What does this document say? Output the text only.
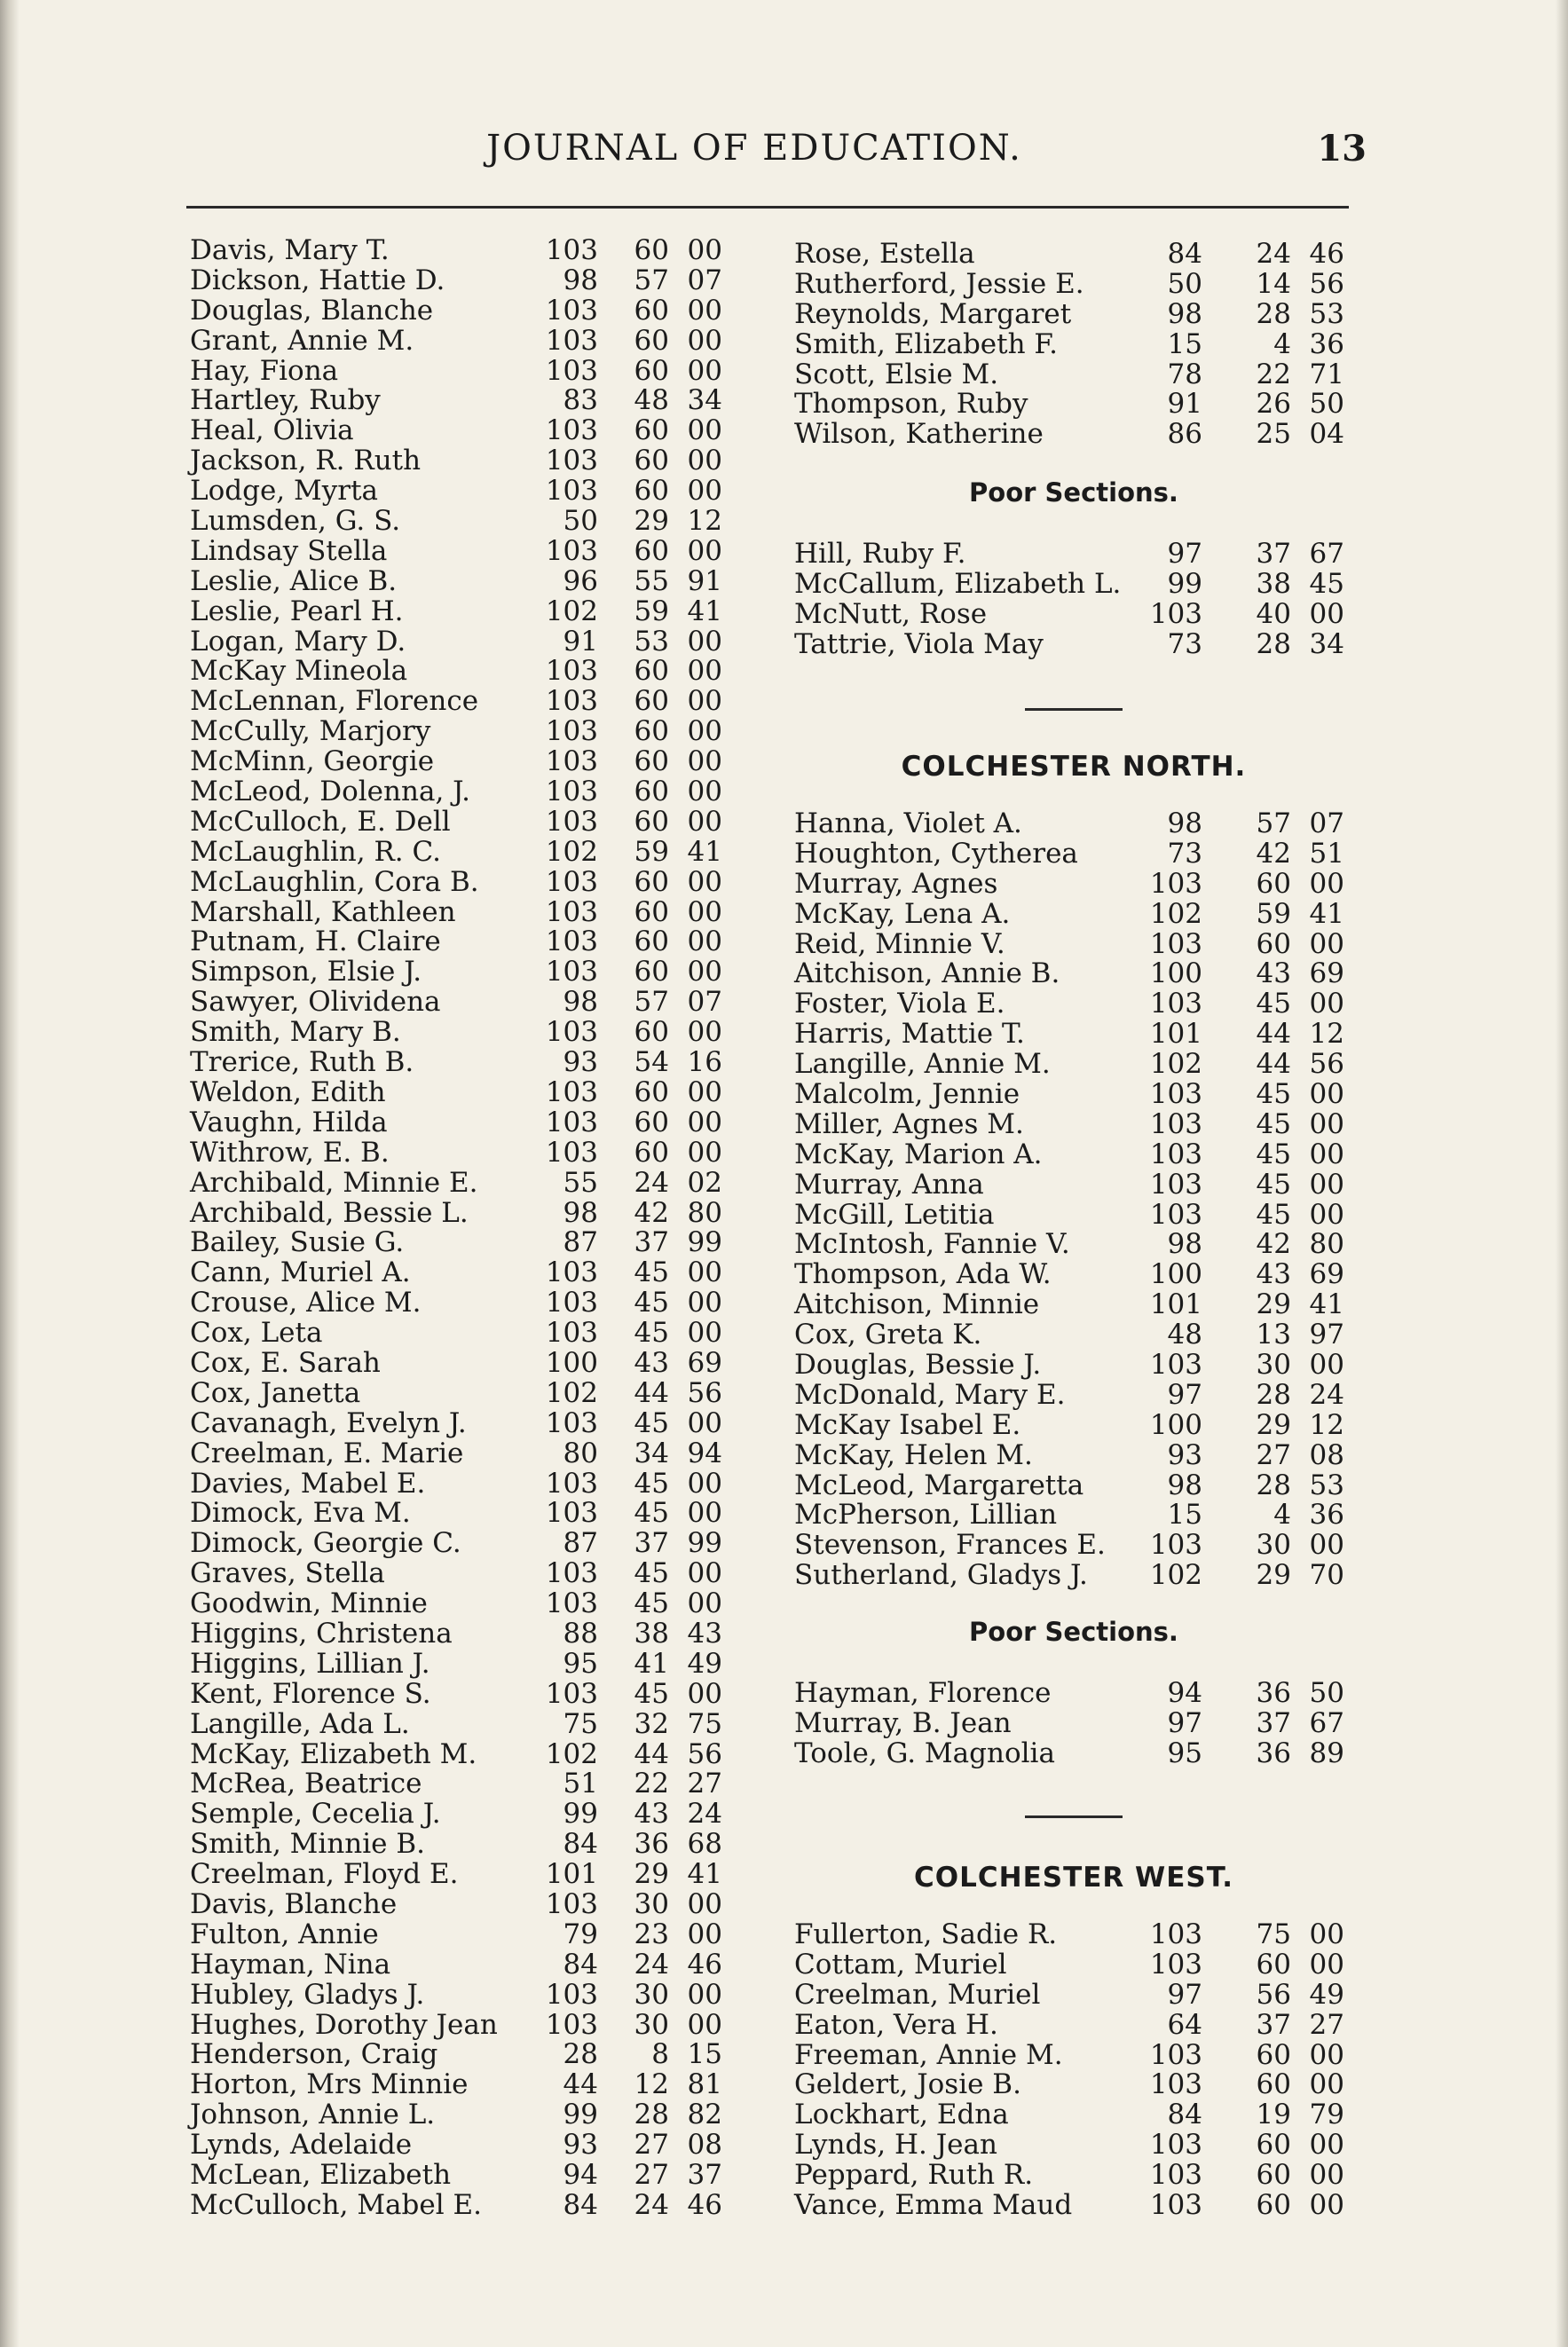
JOURNAL OF EDUCATION.	13
Davis, Mary T.	103	60 00
Dickson, Hattie D.	98	57 07
Douglas, Blanche	103	60 00
Grant, Annie M.	103	60 00
Hay, Fiona	103	60 00
Hartley, Ruby	83	48 34
Heal, Olivia	103	60 00
Jackson, R. Ruth	103	60 00
Lodge, Myrta	103	60 00
Lumsden, G. S.	50	29 12
Lindsay Stella	103	60 00
Leslie, Alice B.	96	55 91
Leslie, Pearl H.	102	59 41
Logan, Mary D.	91	53 00
McKay Mineola	103	60 00
McLennan, Florence	103	60 00
McCully, Marjory	103	60 00
McMinn, Georgie	103	60 00
McLeod, Dolenna, J.	103	60 00
McCulloch, E. Dell	103	60 00
McLaughlin, R. C.	102	59 41
McLaughlin, Cora B.	103	60 00
Marshall, Kathleen	103	60 00
Putnam, H. Claire	103	60 00
Simpson, Elsie J.	103	60 00
Sawyer, Olividena	98	57 07
Smith, Mary B.	103	60 00
Trerice, Ruth B.	93	54 16
Weldon, Edith	103	60 00
Vaughn, Hilda	103	60 00
Withrow, E. B.	103	60 00
Archibald, Minnie E.	55	24 02
Archibald, Bessie L.	98	42 80
Bailey, Susie G.	87	37 99
Cann, Muriel A.	103	45 00
Crouse, Alice M.	103	45 00
Cox, Leta	103	45 00
Cox, E. Sarah	100	43 69
Cox, Janetta	102	44 56
Cavanagh, Evelyn J.	103	45 00
Creelman, E. Marie	80	34 94
Davies, Mabel E.	103	45 00
Dimock, Eva M.	103	45 00
Dimock, Georgie C.	87	37 99
Graves, Stella	103	45 00
Goodwin, Minnie	103	45 00
Higgins, Christena	88	38 43
Higgins, Lillian J.	95	41 49
Kent, Florence S.	103	45 00
Langille, Ada L.	75	32 75
McKay, Elizabeth M.	102	44 56
McRea, Beatrice	51	22 27
Semple, Cecelia J.	99	43 24
Smith, Minnie B.	84	36 68
Creelman, Floyd E.	101	29 41
Davis, Blanche	103	30 00
Fulton, Annie	79	23 00
Hayman, Nina	84	24 46
Hubley, Gladys J.	103	30 00
Hughes, Dorothy Jean	103	30 00
Henderson, Craig	28	8 15
Horton, Mrs Minnie	44	12 81
Johnson, Annie L.	99	28 82
Lynds, Adelaide	93	27 08
McLean, Elizabeth	94	27 37
McCulloch, Mabel E.	84	24 46
Rose, Estella	84	24 46
Rutherford, Jessie E.	50	14 56
Reynolds, Margaret	98	28 53
Smith, Elizabeth F.	15	4 36
Scott, Elsie M.	78	22 71
Thompson, Ruby	91	26 50
Wilson, Katherine	86	25 04
Poor Sections.
Hill, Ruby F.	97	37 67
McCallum, Elizabeth L.	99	38 45
McNutt, Rose	103	40 00
Tattrie, Viola May	73	28 34
COLCHESTER NORTH.
Hanna, Violet A.	98	57 07
Houghton, Cytherea	73	42 51
Murray, Agnes	103	60 00
McKay, Lena A.	102	59 41
Reid, Minnie V.	103	60 00
Aitchison, Annie B.	100	43 69
Foster, Viola E.	103	45 00
Harris, Mattie T.	101	44 12
Langille, Annie M.	102	44 56
Malcolm, Jennie	103	45 00
Miller, Agnes M.	103	45 00
McKay, Marion A.	103	45 00
Murray, Anna	103	45 00
McGill, Letitia	103	45 00
McIntosh, Fannie V.	98	42 80
Thompson, Ada W.	100	43 69
Aitchison, Minnie	101	29 41
Cox, Greta K.	48	13 97
Douglas, Bessie J.	103	30 00
McDonald, Mary E.	97	28 24
McKay Isabel E.	100	29 12
McKay, Helen M.	93	27 08
McLeod, Margaretta	98	28 53
McPherson, Lillian	15	4 36
Stevenson, Frances E.	103	30 00
Sutherland, Gladys J.	102	29 70
Poor Sections.
Hayman, Florence	94	36 50
Murray, B. Jean	97	37 67
Toole, G. Magnolia	95	36 89
COLCHESTER WEST.
Fullerton, Sadie R.	103	75 00
Cottam, Muriel	103	60 00
Creelman, Muriel	97	56 49
Eaton, Vera H.	64	37 27
Freeman, Annie M.	103	60 00
Geldert, Josie B.	103	60 00
Lockhart, Edna	84	19 79
Lynds, H. Jean	103	60 00
Peppard, Ruth R.	103	60 00
Vance, Emma Maud	103	60 00
